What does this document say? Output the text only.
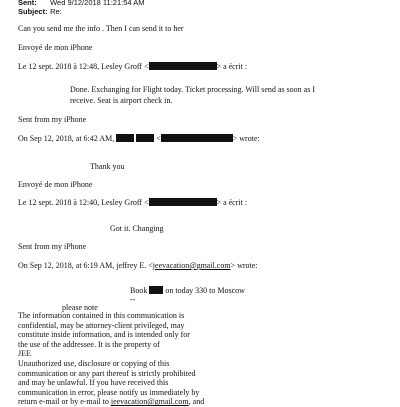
Sent: Wed 9/12/2018 11:21:54 AM
Subject: Re:
Can you send me the info . Then I can send it to her
Envoyé de mon iPhone
Le 12 sept. 2018 à 12:48, Lesley Groff <	> a écrit :
Done. Exchanging for Flight today. Ticket processing. Will send as soon as I
receive. Seat is airport check in.
Sent from my iPhone
On Sep 12, 2018, at 6:42 AM,	<	> wrote:
Thank you
Envoyé de mon iPhone
Le 12 sept. 2018 à 12:40, Lesley Groff <	> a écrit :
Got it. Changing
Sent from my iPhone
On Sep 12, 2018, at 6:19 AM, jeffrey E. <jeevacation@gmail.com> wrote:
Book on today 330 to Moscow
--
please note
The information contained in this communication is
confidential, may be attorney-client privileged, may
constitute inside information, and is intended only for
the use of the addressee. It is the property of
JEE
Unauthorized use, disclosure or copying of this
communication or any part thereof is strictly prohibited
and may be unlawful. If you have received this
communication in error, please notify us immediately by
return e-mail or by e-mail to jeevacation@gmail.com, and
